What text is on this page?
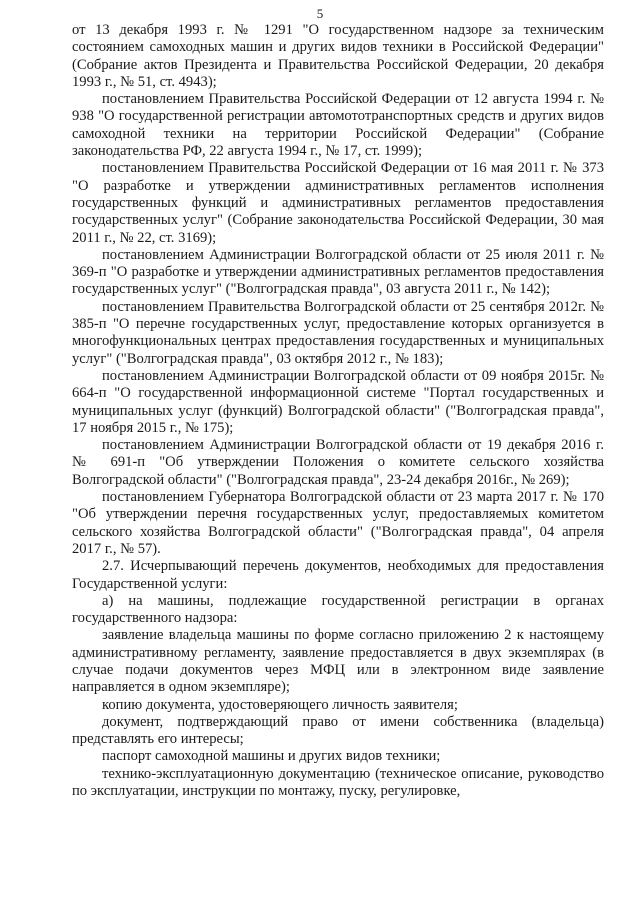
5

от 13 декабря 1993 г. № 1291 "О государственном надзоре за техническим состоянием самоходных машин и других видов техники в Российской Федерации" (Собрание актов Президента и Правительства Российской Федерации, 20 декабря 1993 г., № 51, ст. 4943);

постановлением Правительства Российской Федерации от 12 августа 1994 г. № 938 "О государственной регистрации автомототранспортных средств и других видов самоходной техники на территории Российской Федерации" (Собрание законодательства РФ, 22 августа 1994 г., № 17, ст. 1999);

постановлением Правительства Российской Федерации от 16 мая 2011 г. № 373 "О разработке и утверждении административных регламентов исполнения государственных функций и административных регламентов предоставления государственных услуг" (Собрание законодательства Российской Федерации, 30 мая 2011 г., № 22, ст. 3169);

постановлением Администрации Волгоградской области от 25 июля 2011 г. № 369-п "О разработке и утверждении административных регламентов предоставления государственных услуг" ("Волгоградская правда", 03 августа 2011 г., № 142);

постановлением Правительства Волгоградской области от 25 сентября 2012г. № 385-п "О перечне государственных услуг, предоставление которых организуется в многофункциональных центрах предоставления государственных и муниципальных услуг" ("Волгоградская правда", 03 октября 2012 г., № 183);

постановлением Администрации Волгоградской области от 09 ноября 2015г. № 664-п "О государственной информационной системе "Портал государственных и муниципальных услуг (функций) Волгоградской области" ("Волгоградская правда", 17 ноября 2015 г., № 175);

постановлением Администрации Волгоградской области от 19 декабря 2016 г. № 691-п "Об утверждении Положения о комитете сельского хозяйства Волгоградской области" ("Волгоградская правда", 23-24 декабря 2016г., № 269);

постановлением Губернатора Волгоградской области от 23 марта 2017 г. № 170 "Об утверждении перечня государственных услуг, предоставляемых комитетом сельского хозяйства Волгоградской области" ("Волгоградская правда", 04 апреля 2017 г., № 57).

2.7. Исчерпывающий перечень документов, необходимых для предоставления Государственной услуги:

а) на машины, подлежащие государственной регистрации в органах государственного надзора:

заявление владельца машины по форме согласно приложению 2 к настоящему административному регламенту, заявление предоставляется в двух экземплярах (в случае подачи документов через МФЦ или в электронном виде заявление направляется в одном экземпляре);

копию документа, удостоверяющего личность заявителя;

документ, подтверждающий право от имени собственника (владельца) представлять его интересы;

паспорт самоходной машины и других видов техники;

технико-эксплуатационную документацию (техническое описание, руководство по эксплуатации, инструкции по монтажу, пуску, регулировке,
